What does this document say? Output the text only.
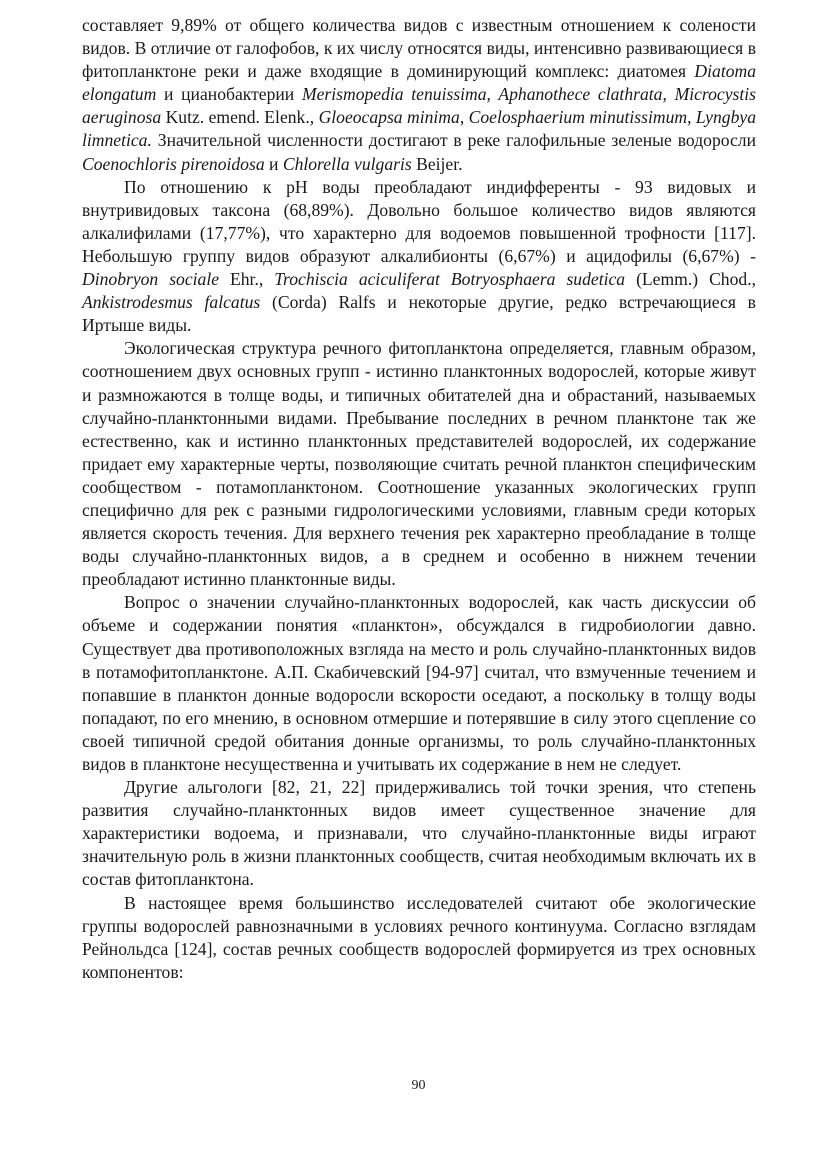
составляет 9,89% от общего количества видов с известным отношением к солености видов. В отличие от галофобов, к их числу относятся виды, интенсивно развивающиеся в фитопланктоне реки и даже входящие в доминирующий комплекс: диатомея Diatoma elongatum и цианобактерии Merismopedia tenuissima, Aphanothece clathrata, Microcystis aeruginosa Kutz. emend. Elenk., Gloeocapsa minima, Coelosphaerium minutissimum, Lyngbya limnetica. Значительной численности достигают в реке галофильные зеленые водоросли Coenochloris pirenoidosa и Chlorella vulgaris Beijer.

По отношению к pH воды преобладают индифференты - 93 видовых и внутривидовых таксона (68,89%). Довольно большое количество видов являются алкалифилами (17,77%), что характерно для водоемов повышенной трофности [117]. Небольшую группу видов образуют алкалибионты (6,67%) и ацидофилы (6,67%) - Dinobryon sociale Ehr., Trochiscia aciculiferat Botryosphaera sudetica (Lemm.) Chod., Ankistrodesmus falcatus (Corda) Ralfs и некоторые другие, редко встречающиеся в Иртыше виды.

Экологическая структура речного фитопланктона определяется, главным образом, соотношением двух основных групп - истинно планктонных водорослей, которые живут и размножаются в толще воды, и типичных обитателей дна и обрастаний, называемых случайно-планктонными видами. Пребывание последних в речном планктоне так же естественно, как и истинно планктонных представителей водорослей, их содержание придает ему характерные черты, позволяющие считать речной планктон специфическим сообществом - потамопланктоном. Соотношение указанных экологических групп специфично для рек с разными гидрологическими условиями, главным среди которых является скорость течения. Для верхнего течения рек характерно преобладание в толще воды случайно-планктонных видов, а в среднем и особенно в нижнем течении преобладают истинно планктонные виды.

Вопрос о значении случайно-планктонных водорослей, как часть дискуссии об объеме и содержании понятия «планктон», обсуждался в гидробиологии давно. Существует два противоположных взгляда на место и роль случайно-планктонных видов в потамофитопланктоне. А.П. Скабичевский [94-97] считал, что взмученные течением и попавшие в планктон донные водоросли вскорости оседают, а поскольку в толщу воды попадают, по его мнению, в основном отмершие и потерявшие в силу этого сцепление со своей типичной средой обитания донные организмы, то роль случайно-планктонных видов в планктоне несущественна и учитывать их содержание в нем не следует.

Другие альгологи [82, 21, 22] придерживались той точки зрения, что степень развития случайно-планктонных видов имеет существенное значение для характеристики водоема, и признавали, что случайно-планктонные виды играют значительную роль в жизни планктонных сообществ, считая необходимым включать их в состав фитопланктона.

В настоящее время большинство исследователей считают обе экологические группы водорослей равнозначными в условиях речного континуума. Согласно взглядам Рейнольдса [124], состав речных сообществ водорослей формируется из трех основных компонентов:

90
